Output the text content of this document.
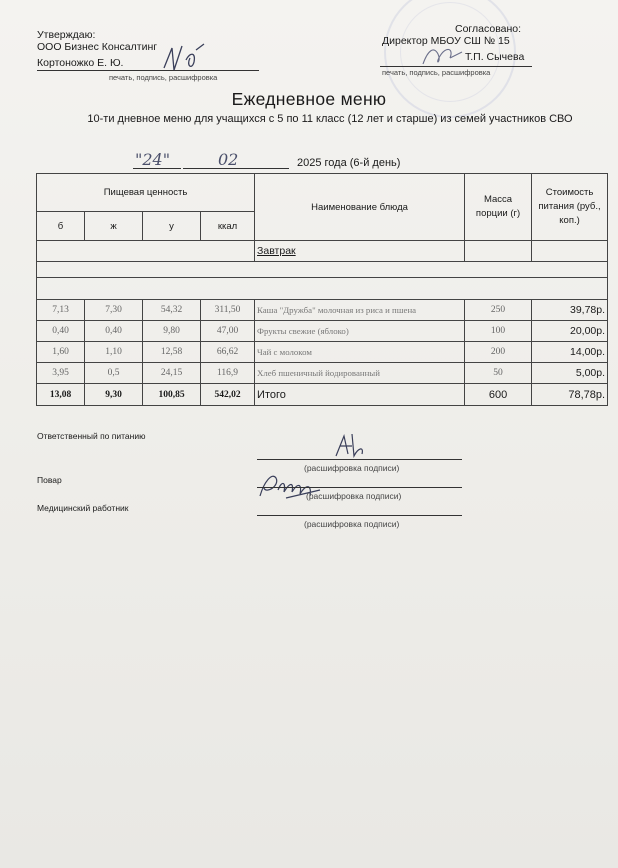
Утверждаю:
ООО Бизнес Консалтинг
Кортоножко Е. Ю.
печать, подпись, расшифровка
Согласовано:
Директор МБОУ СШ № 15
Т.П. Сычева
печать, подпись, расшифровка
Ежедневное меню
10-ти дневное меню для учащихся с 5 по 11 класс (12 лет и старше) из семей участников СВО
"24"	02	2025 года (6-й день)
Пищевая ценность				Наименование блюда	Масса порции (г)	Стоимость питания (руб., коп.)
б	ж	у	ккал			
				Завтрак		

7,13	7,30	54,32	311,50	Каша "Дружба" молочная из риса и пшена	250	39,78р.
0,40	0,40	9,80	47,00	Фрукты свежие (яблоко)	100	20,00р.
1,60	1,10	12,58	66,62	Чай с молоком	200	14,00р.
3,95	0,5	24,15	116,9	Хлеб пшеничный йодированный	50	5,00р.
13,08	9,30	100,85	542,02	Итого	600	78,78р.
Ответственный по питанию
(расшифровка подписи)
Повар
(расшифровка подписи)
Медицинский работник
(расшифровка подписи)
